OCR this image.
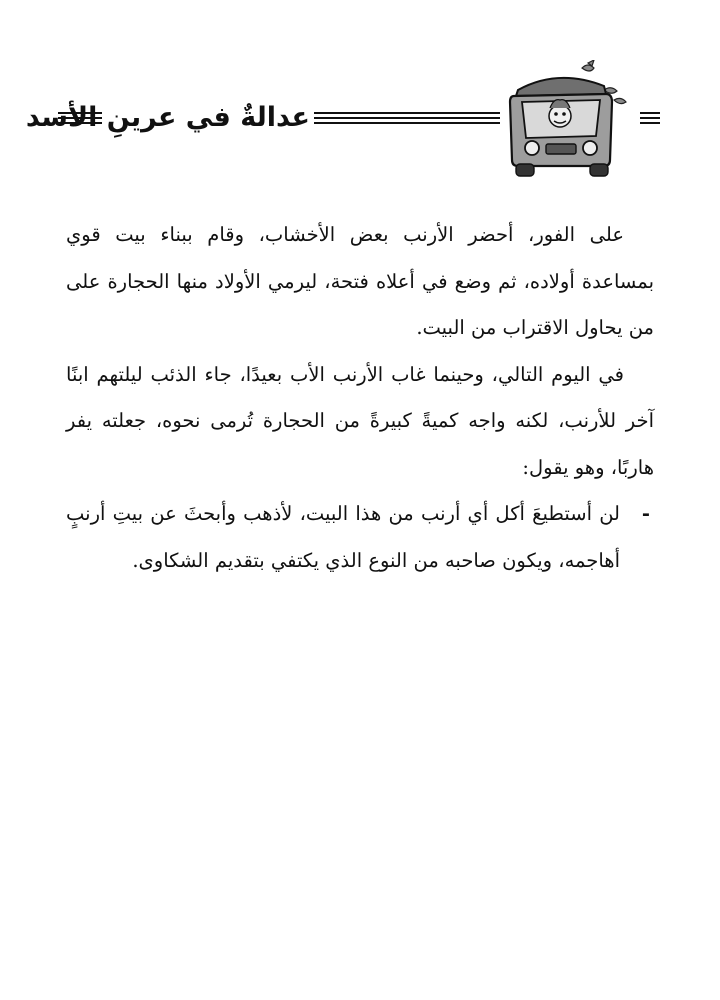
عدالةٌ في عرينِ الأسد

على الفور، أحضر الأرنب بعض الأخشاب، وقام ببناء بيت قوي بمساعدة أولاده، ثم وضع في أعلاه فتحة، ليرمي الأولاد منها الحجارة على من يحاول الاقتراب من البيت.

في اليوم التالي، وحينما غاب الأرنب الأب بعيدًا، جاء الذئب ليلتهم ابنًا آخر للأرنب، لكنه واجه كميةً كبيرةً من الحجارة تُرمى نحوه، جعلته يفر هاربًا، وهو يقول:

-
لن أستطيعَ أكل أي أرنب من هذا البيت، لأذهب وأبحثَ عن بيتِ أرنبٍ أهاجمه، ويكون صاحبه من النوع الذي يكتفي بتقديم الشكاوى.
